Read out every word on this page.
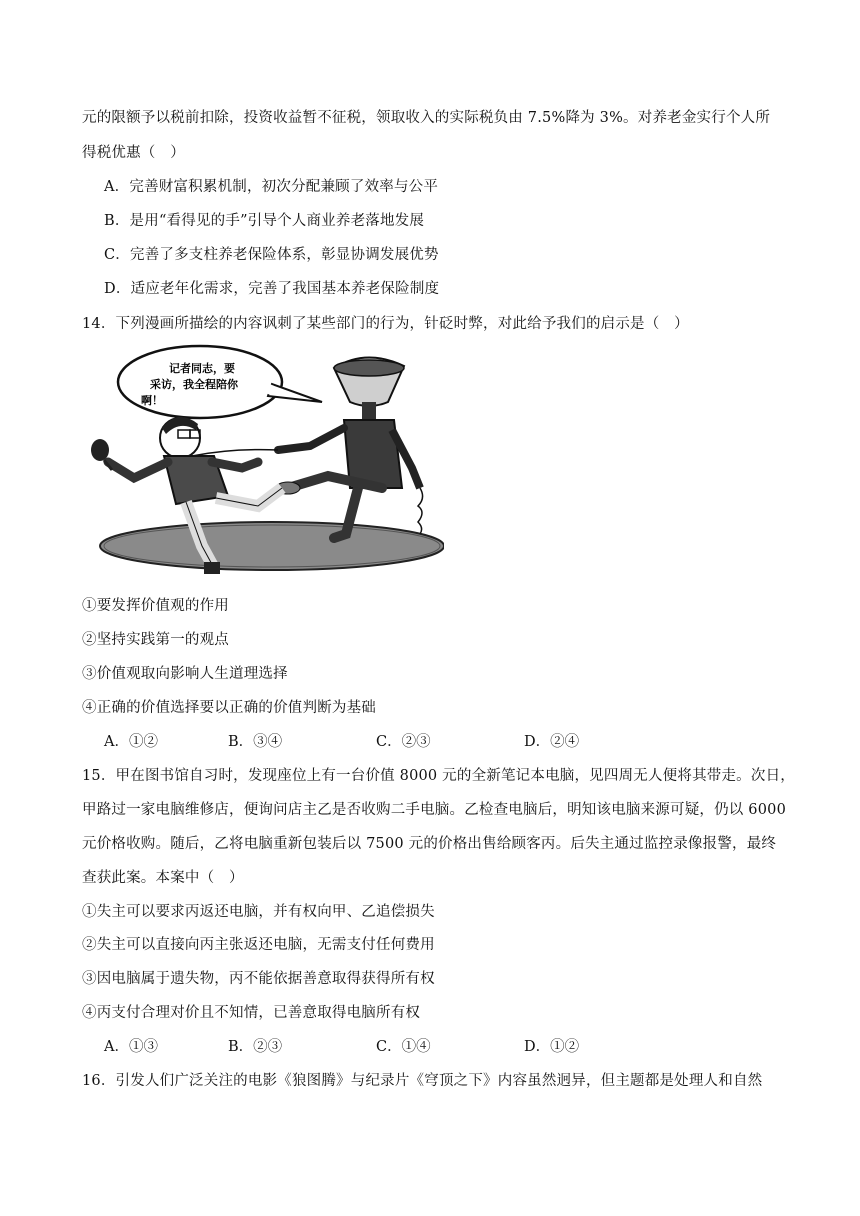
元的限额予以税前扣除，投资收益暂不征税，领取收入的实际税负由 7.5%降为 3%。对养老金实行个人所
得税优惠（　）
A．完善财富积累机制，初次分配兼顾了效率与公平
B．是用“看得见的手”引导个人商业养老落地发展
C．完善了多支柱养老保险体系，彰显协调发展优势
D．适应老年化需求，完善了我国基本养老保险制度
14．下列漫画所描绘的内容讽刺了某些部门的行为，针砭时弊，对此给予我们的启示是（　）
记者同志，要
采访，我全程陪你
啊！
①要发挥价值观的作用
②坚持实践第一的观点
③价值观取向影响人生道理选择
④正确的价值选择要以正确的价值判断为基础
A．①②	B．③④	C．②③	D．②④
15．甲在图书馆自习时，发现座位上有一台价值 8000 元的全新笔记本电脑，见四周无人便将其带走。次日，
甲路过一家电脑维修店，便询问店主乙是否收购二手电脑。乙检查电脑后，明知该电脑来源可疑，仍以 6000
元价格收购。随后，乙将电脑重新包装后以 7500 元的价格出售给顾客丙。后失主通过监控录像报警，最终
查获此案。本案中（　）
①失主可以要求丙返还电脑，并有权向甲、乙追偿损失
②失主可以直接向丙主张返还电脑，无需支付任何费用
③因电脑属于遗失物，丙不能依据善意取得获得所有权
④丙支付合理对价且不知情，已善意取得电脑所有权
A．①③	B．②③	C．①④	D．①②
16．引发人们广泛关注的电影《狼图腾》与纪录片《穹顶之下》内容虽然迥异，但主题都是处理人和自然
